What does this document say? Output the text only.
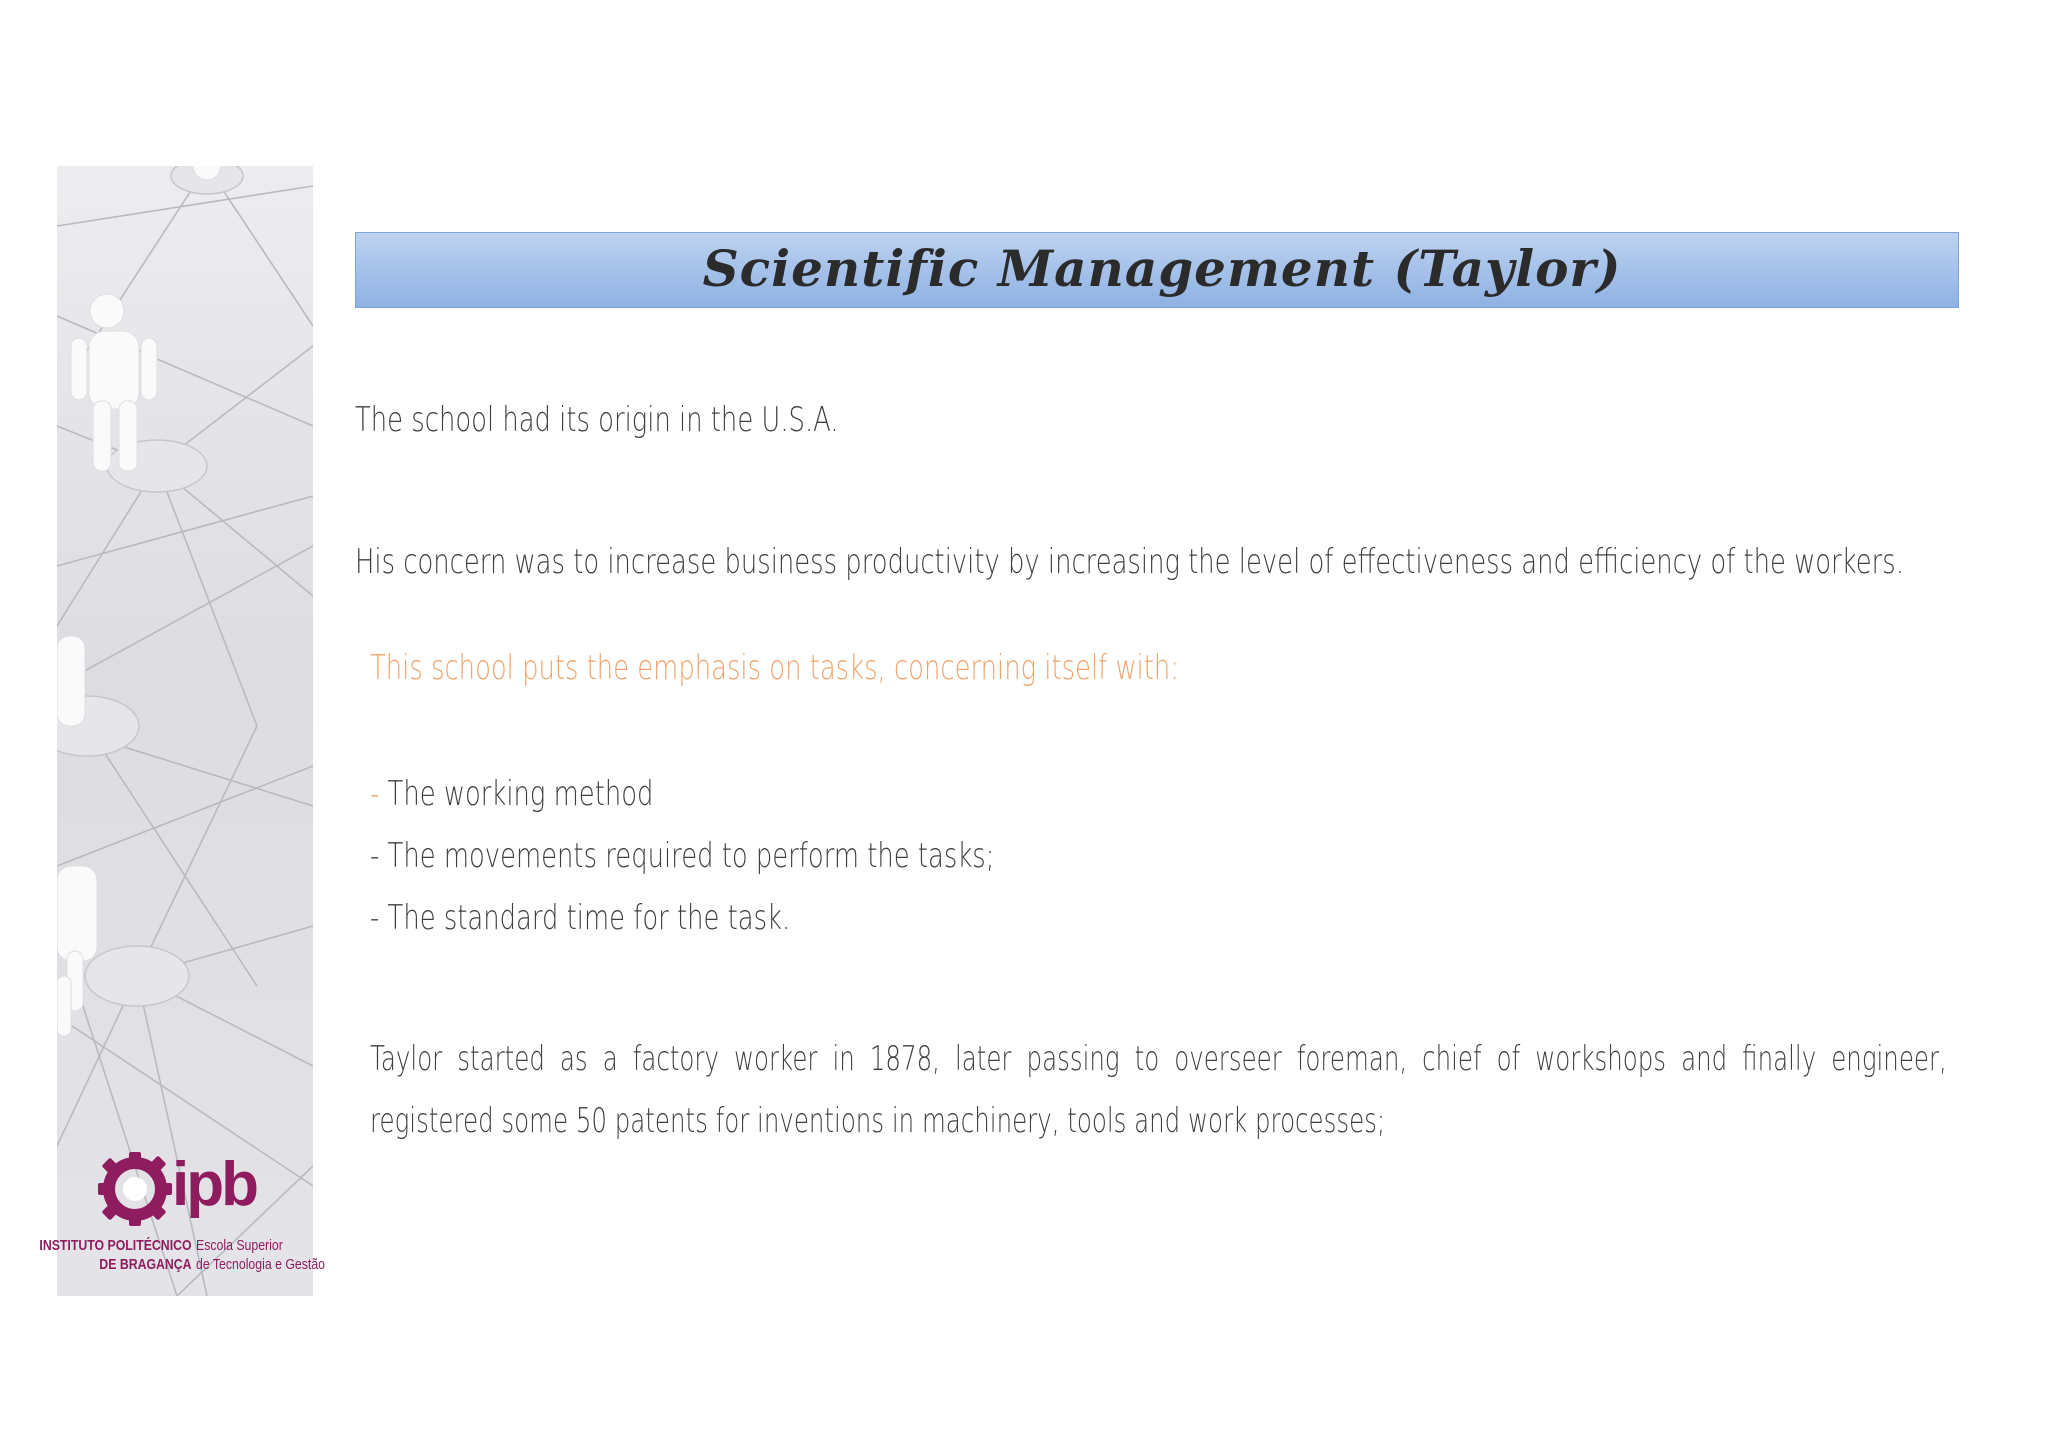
ipb
INSTITUTO POLITÉCNICO
DE BRAGANÇA
Escola Superior
de Tecnologia e Gestão
Scientific Management (Taylor)
The school had its origin in the U.S.A.
His concern was to increase business productivity by increasing the level of effectiveness and efficiency of the workers.
This school puts the emphasis on tasks, concerning itself with:
- The working method
- The movements required to perform the tasks;
- The standard time for the task.
Taylor started as a factory worker in 1878, later passing to overseer foreman, chief of workshops and finally engineer, registered some 50 patents for inventions in machinery, tools and work processes;
